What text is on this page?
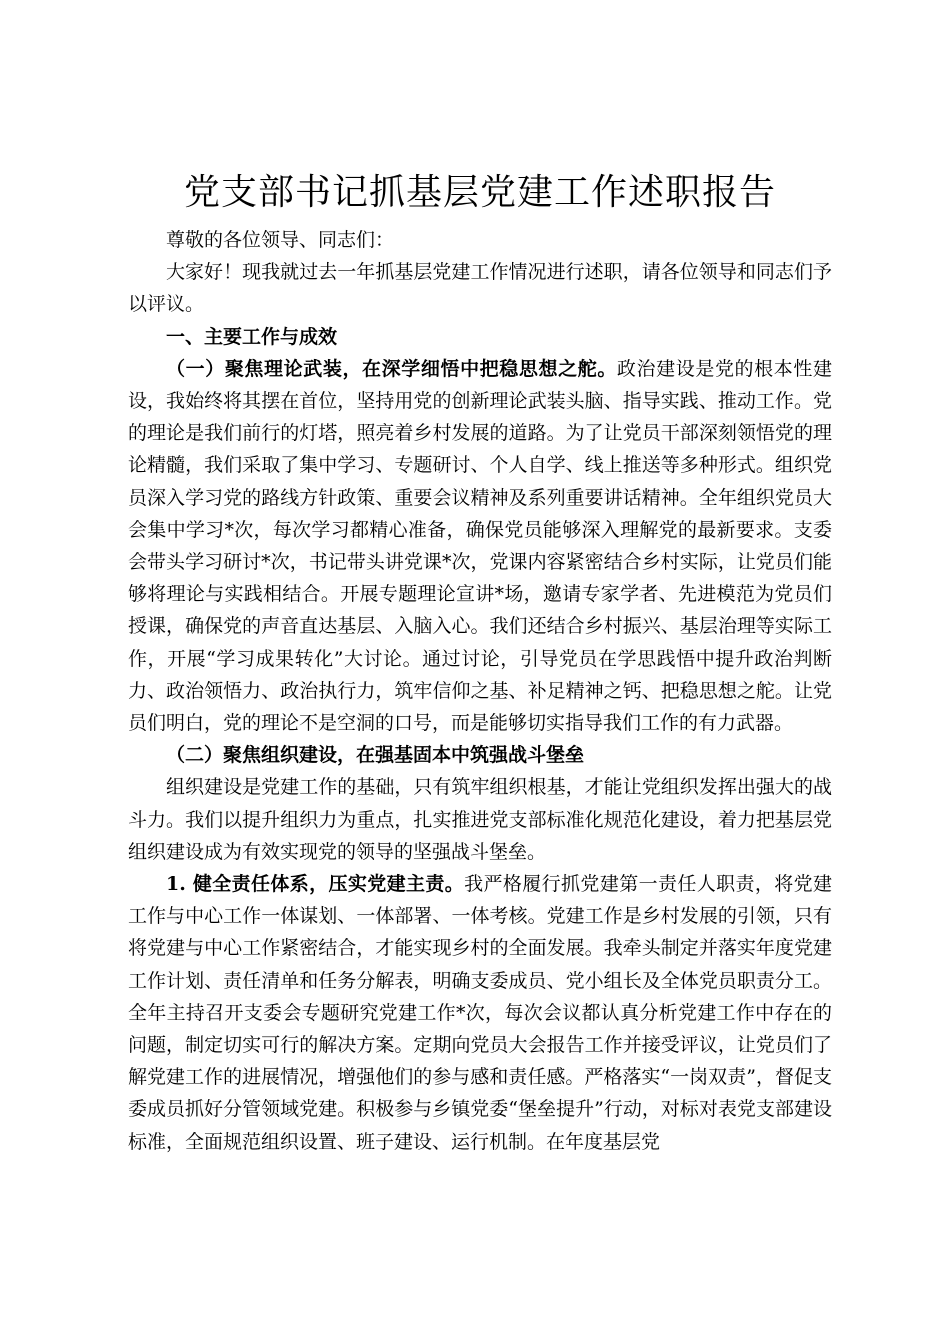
党支部书记抓基层党建工作述职报告

尊敬的各位领导、同志们：

大家好！现我就过去一年抓基层党建工作情况进行述职，请各位领导和同志们予以评议。

一、主要工作与成效

（一）聚焦理论武装，在深学细悟中把稳思想之舵。政治建设是党的根本性建设，我始终将其摆在首位，坚持用党的创新理论武装头脑、指导实践、推动工作。党的理论是我们前行的灯塔，照亮着乡村发展的道路。为了让党员干部深刻领悟党的理论精髓，我们采取了集中学习、专题研讨、个人自学、线上推送等多种形式。组织党员深入学习党的路线方针政策、重要会议精神及系列重要讲话精神。全年组织党员大会集中学习*次，每次学习都精心准备，确保党员能够深入理解党的最新要求。支委会带头学习研讨*次，书记带头讲党课*次，党课内容紧密结合乡村实际，让党员们能够将理论与实践相结合。开展专题理论宣讲*场，邀请专家学者、先进模范为党员们授课，确保党的声音直达基层、入脑入心。我们还结合乡村振兴、基层治理等实际工作，开展“学习成果转化”大讨论。通过讨论，引导党员在学思践悟中提升政治判断力、政治领悟力、政治执行力，筑牢信仰之基、补足精神之钙、把稳思想之舵。让党员们明白，党的理论不是空洞的口号，而是能够切实指导我们工作的有力武器。

（二）聚焦组织建设，在强基固本中筑强战斗堡垒

组织建设是党建工作的基础，只有筑牢组织根基，才能让党组织发挥出强大的战斗力。我们以提升组织力为重点，扎实推进党支部标准化规范化建设，着力把基层党组织建设成为有效实现党的领导的坚强战斗堡垒。

1. 健全责任体系，压实党建主责。我严格履行抓党建第一责任人职责，将党建工作与中心工作一体谋划、一体部署、一体考核。党建工作是乡村发展的引领，只有将党建与中心工作紧密结合，才能实现乡村的全面发展。我牵头制定并落实年度党建工作计划、责任清单和任务分解表，明确支委成员、党小组长及全体党员职责分工。全年主持召开支委会专题研究党建工作*次，每次会议都认真分析党建工作中存在的问题，制定切实可行的解决方案。定期向党员大会报告工作并接受评议，让党员们了解党建工作的进展情况，增强他们的参与感和责任感。严格落实“一岗双责”，督促支委成员抓好分管领域党建。积极参与乡镇党委“堡垒提升”行动，对标对表党支部建设标准，全面规范组织设置、班子建设、运行机制。在年度基层党
